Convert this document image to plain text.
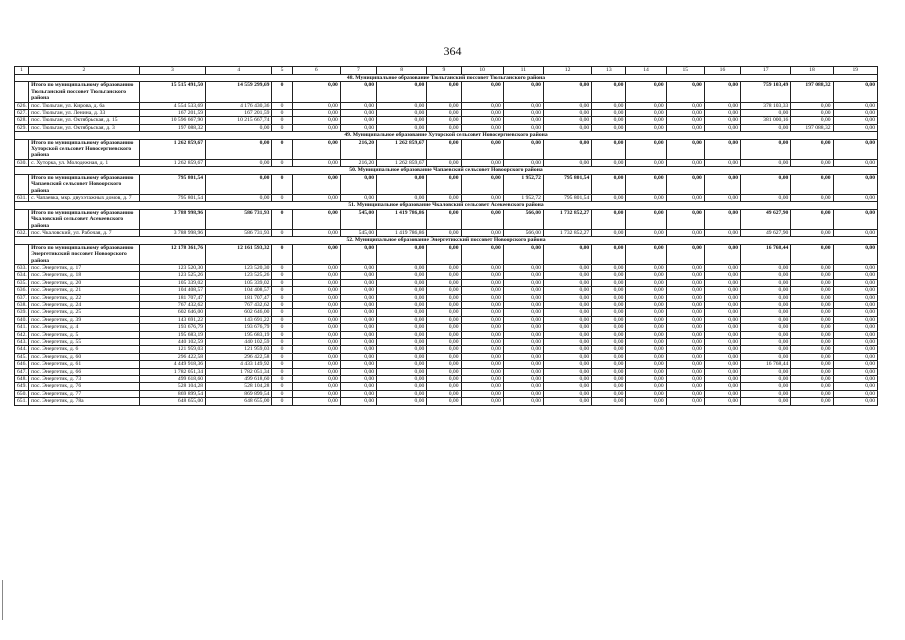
364
1	2	3	4	5	6	7	8	9	10	11	12	13	14	15	16	17	18	19
48. Муниципальное образование Тюльганский поссовет Тюльганского района																		
	Итого по муниципальному образованию Тюльганский поссовет Тюльганского района	15 515 491,50	14 559 299,69	0	0,00	0,00	0,00	0,00	0,00	0,00	0,00	0,00	0,00	0,00	0,00	759 103,49	197 088,32	0,00
626.	пос. Тюльган, ул. Кирова, д. 6а	4 554 533,69	4 176 430,36	0	0,00	0,00	0,00	0,00	0,00	0,00	0,00	0,00	0,00	0,00	0,00	378 103,33	0,00	0,00
627.	пос. Тюльган, ул. Ленина, д. 33	167 201,59	167 201,59	0	0,00	0,00	0,00	0,00	0,00	0,00	0,00	0,00	0,00	0,00	0,00	0,00	0,00	0,00
628.	пос. Тюльган, ул. Октябрьская, д. 15	10 596 667,90	10 215 667,74	0	0,00	0,00	0,00	0,00	0,00	0,00	0,00	0,00	0,00	0,00	0,00	381 000,16	0,00	0,00
629.	пос. Тюльган, ул. Октябрьская, д. 3	197 088,32	0,00	0	0,00	0,00	0,00	0,00	0,00	0,00	0,00	0,00	0,00	0,00	0,00	0,00	197 088,32	0,00
49. Муниципальное образование Хуторской сельсовет Новосергиевского района																		
	Итого по муниципальному образованию Хуторской сельсовет Новосергиевского района	1 262 859,67	0,00	0	0,00	216,20	1 262 859,67	0,00	0,00	0,00	0,00	0,00	0,00	0,00	0,00	0,00	0,00	0,00
630.	с. Хуторка, ул. Молодежная, д. 1	1 262 859,67	0,00	0	0,00	216,20	1 262 859,67	0,00	0,00	0,00	0,00	0,00	0,00	0,00	0,00	0,00	0,00	0,00
50. Муниципальное образование Чапаевский сельсовет Новоорского района																		
	Итого по муниципальному образованию Чапаевский сельсовет Новоорского района	795 801,54	0,00	0	0,00	0,00	0,00	0,00	0,00	1 952,72	795 801,54	0,00	0,00	0,00	0,00	0,00	0,00	0,00
631.	с. Чапаевка, мкр. двухэтажных домов, д. 7	795 801,54	0,00	0	0,00	0,00	0,00	0,00	0,00	1 952,72	795 801,54	0,00	0,00	0,00	0,00	0,00	0,00	0,00
51. Муниципальное образование Чкаловский сельсовет Асекеевского района																		
	Итого по муниципальному образованию Чкаловский сельсовет Асекеевского района	3 788 998,96	586 731,93	0	0,00	545,00	1 419 786,86	0,00	0,00	566,00	1 732 852,27	0,00	0,00	0,00	0,00	49 627,90	0,00	0,00
632.	пос. Чкаловский, ул. Рабочая, д. 7	3 788 998,96	586 731,93	0	0,00	545,00	1 419 786,86	0,00	0,00	566,00	1 732 852,27	0,00	0,00	0,00	0,00	49 627,90	0,00	0,00
52. Муниципальное образование Энергетикский поссовет Новоорского района																		
	Итого по муниципальному образованию Энергетикский поссовет Новоорского района	12 178 361,76	12 161 593,32	0	0,00	0,00	0,00	0,00	0,00	0,00	0,00	0,00	0,00	0,00	0,00	16 768,44	0,00	0,00
633.	пос. Энергетик, д. 17	123 520,30	123 520,30	0	0,00	0,00	0,00	0,00	0,00	0,00	0,00	0,00	0,00	0,00	0,00	0,00	0,00	0,00
634.	пос. Энергетик, д. 18	123 525,26	123 525,26	0	0,00	0,00	0,00	0,00	0,00	0,00	0,00	0,00	0,00	0,00	0,00	0,00	0,00	0,00
635.	пос. Энергетик, д. 20	105 339,02	105 339,02	0	0,00	0,00	0,00	0,00	0,00	0,00	0,00	0,00	0,00	0,00	0,00	0,00	0,00	0,00
636.	пос. Энергетик, д. 21	104 408,57	104 408,57	0	0,00	0,00	0,00	0,00	0,00	0,00	0,00	0,00	0,00	0,00	0,00	0,00	0,00	0,00
637.	пос. Энергетик, д. 22	181 707,47	181 707,47	0	0,00	0,00	0,00	0,00	0,00	0,00	0,00	0,00	0,00	0,00	0,00	0,00	0,00	0,00
638.	пос. Энергетик, д. 24	767 432,62	767 432,62	0	0,00	0,00	0,00	0,00	0,00	0,00	0,00	0,00	0,00	0,00	0,00	0,00	0,00	0,00
639.	пос. Энергетик, д. 25	602 646,00	602 646,00	0	0,00	0,00	0,00	0,00	0,00	0,00	0,00	0,00	0,00	0,00	0,00	0,00	0,00	0,00
640.	пос. Энергетик, д. 39	143 691,22	143 691,22	0	0,00	0,00	0,00	0,00	0,00	0,00	0,00	0,00	0,00	0,00	0,00	0,00	0,00	0,00
641.	пос. Энергетик, д. 4	193 676,79	193 676,79	0	0,00	0,00	0,00	0,00	0,00	0,00	0,00	0,00	0,00	0,00	0,00	0,00	0,00	0,00
642.	пос. Энергетик, д. 5	195 683,19	195 683,19	0	0,00	0,00	0,00	0,00	0,00	0,00	0,00	0,00	0,00	0,00	0,00	0,00	0,00	0,00
643.	пос. Энергетик, д. 55	440 102,59	440 102,59	0	0,00	0,00	0,00	0,00	0,00	0,00	0,00	0,00	0,00	0,00	0,00	0,00	0,00	0,00
644.	пос. Энергетик, д. 6	121 959,03	121 959,03	0	0,00	0,00	0,00	0,00	0,00	0,00	0,00	0,00	0,00	0,00	0,00	0,00	0,00	0,00
645.	пос. Энергетик, д. 60	296 422,58	296 422,58	0	0,00	0,00	0,00	0,00	0,00	0,00	0,00	0,00	0,00	0,00	0,00	0,00	0,00	0,00
646.	пос. Энергетик, д. 61	4 449 918,36	4 433 149,92	0	0,00	0,00	0,00	0,00	0,00	0,00	0,00	0,00	0,00	0,00	0,00	16 768,44	0,00	0,00
647.	пос. Энергетик, д. 66	1 782 051,34	1 782 051,34	0	0,00	0,00	0,00	0,00	0,00	0,00	0,00	0,00	0,00	0,00	0,00	0,00	0,00	0,00
648.	пос. Энергетик, д. 73	499 618,60	499 618,60	0	0,00	0,00	0,00	0,00	0,00	0,00	0,00	0,00	0,00	0,00	0,00	0,00	0,00	0,00
649.	пос. Энергетик, д. 76	528 104,28	528 104,28	0	0,00	0,00	0,00	0,00	0,00	0,00	0,00	0,00	0,00	0,00	0,00	0,00	0,00	0,00
650.	пос. Энергетик, д. 77	869 899,54	869 899,54	0	0,00	0,00	0,00	0,00	0,00	0,00	0,00	0,00	0,00	0,00	0,00	0,00	0,00	0,00
651.	пос. Энергетик, д. 78а	648 655,00	648 655,00	0	0,00	0,00	0,00	0,00	0,00	0,00	0,00	0,00	0,00	0,00	0,00	0,00	0,00	0,00
